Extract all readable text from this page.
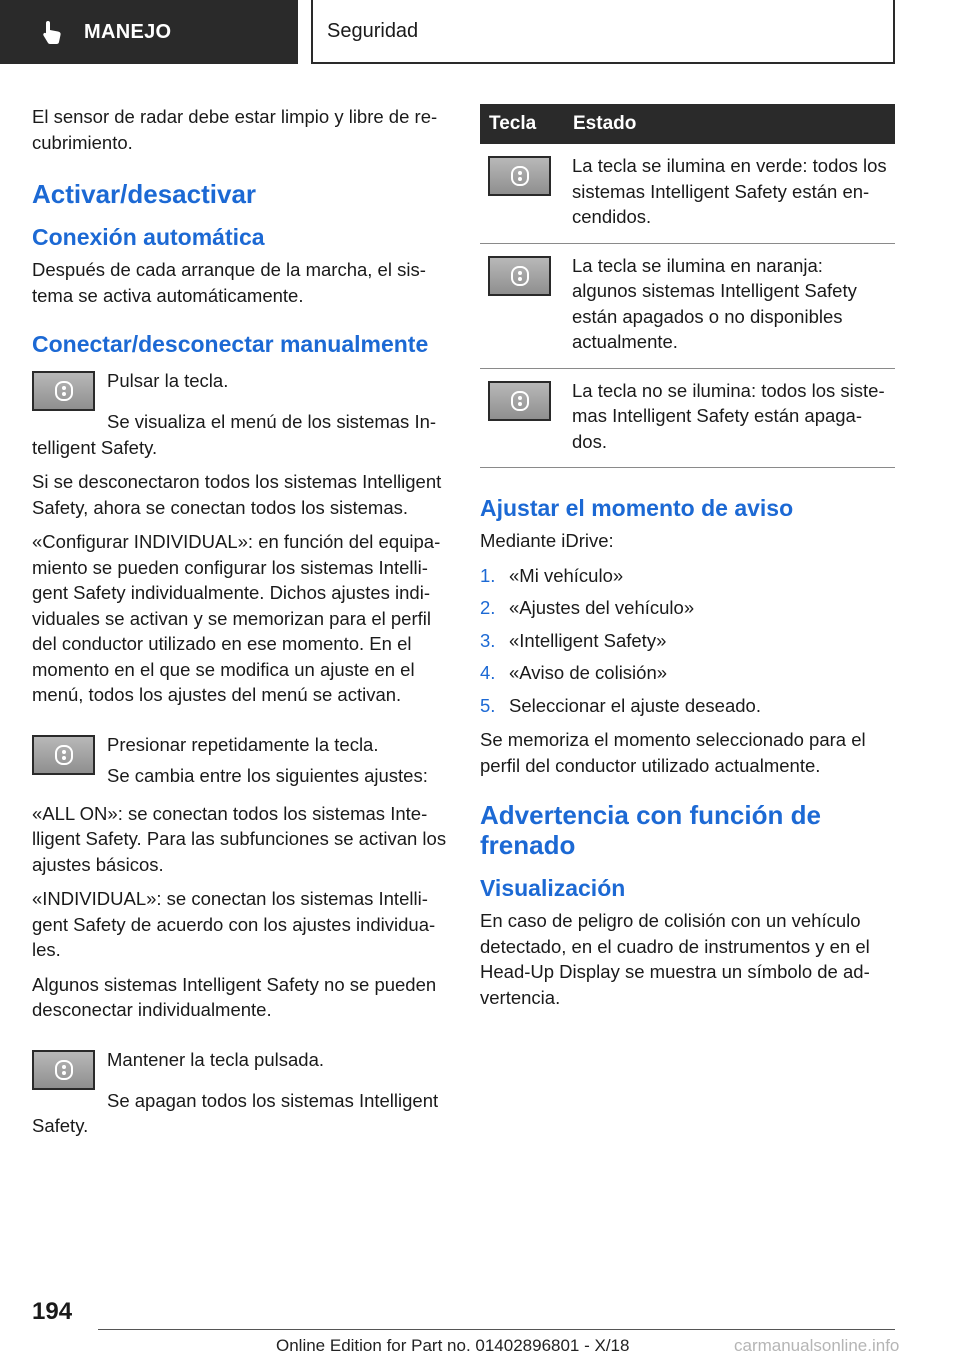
MANEJO	Seguridad

El sensor de radar debe estar limpio y libre de recubrimiento.

Activar/desactivar
Conexión automática

Después de cada arranque de la marcha, el sistema se activa automáticamente.

Conectar/desconectar manualmente

Pulsar la tecla.

Se visualiza el menú de los sistemas Intelligent Safety.

Si se desconectaron todos los sistemas Intelligent Safety, ahora se conectan todos los sistemas.

«Configurar INDIVIDUAL»: en función del equipamiento se pueden configurar los sistemas Intelligent Safety individualmente. Dichos ajustes individuales se activan y se memorizan para el perfil del conductor utilizado en ese momento. En el momento en el que se modifica un ajuste en el menú, todos los ajustes del menú se activan.

Presionar repetidamente la tecla.

Se cambia entre los siguientes ajustes:

«ALL ON»: se conectan todos los sistemas Intelligent Safety. Para las subfunciones se activan los ajustes básicos.

«INDIVIDUAL»: se conectan los sistemas Intelligent Safety de acuerdo con los ajustes individuales.

Algunos sistemas Intelligent Safety no se pueden desconectar individualmente.

Mantener la tecla pulsada.

Se apagan todos los sistemas Intelligent Safety.

Tecla	Estado

	La tecla se ilumina en verde: todos los sistemas Intelligent Safety están encendidos.

	La tecla se ilumina en naranja: algunos sistemas Intelligent Safety están apagados o no disponibles actualmente.

	La tecla no se ilumina: todos los sistemas Intelligent Safety están apagados.
Ajustar el momento de aviso

Mediante iDrive:

1. «Mi vehículo»
2. «Ajustes del vehículo»
3. «Intelligent Safety»
4. «Aviso de colisión»
5. Seleccionar el ajuste deseado.

Se memoriza el momento seleccionado para el perfil del conductor utilizado actualmente.

Advertencia con función de frenado
Visualización

En caso de peligro de colisión con un vehículo detectado, en el cuadro de instrumentos y en el Head-Up Display se muestra un símbolo de advertencia.

194
Online Edition for Part no. 01402896801 - X/18	carmanualsonline.info
